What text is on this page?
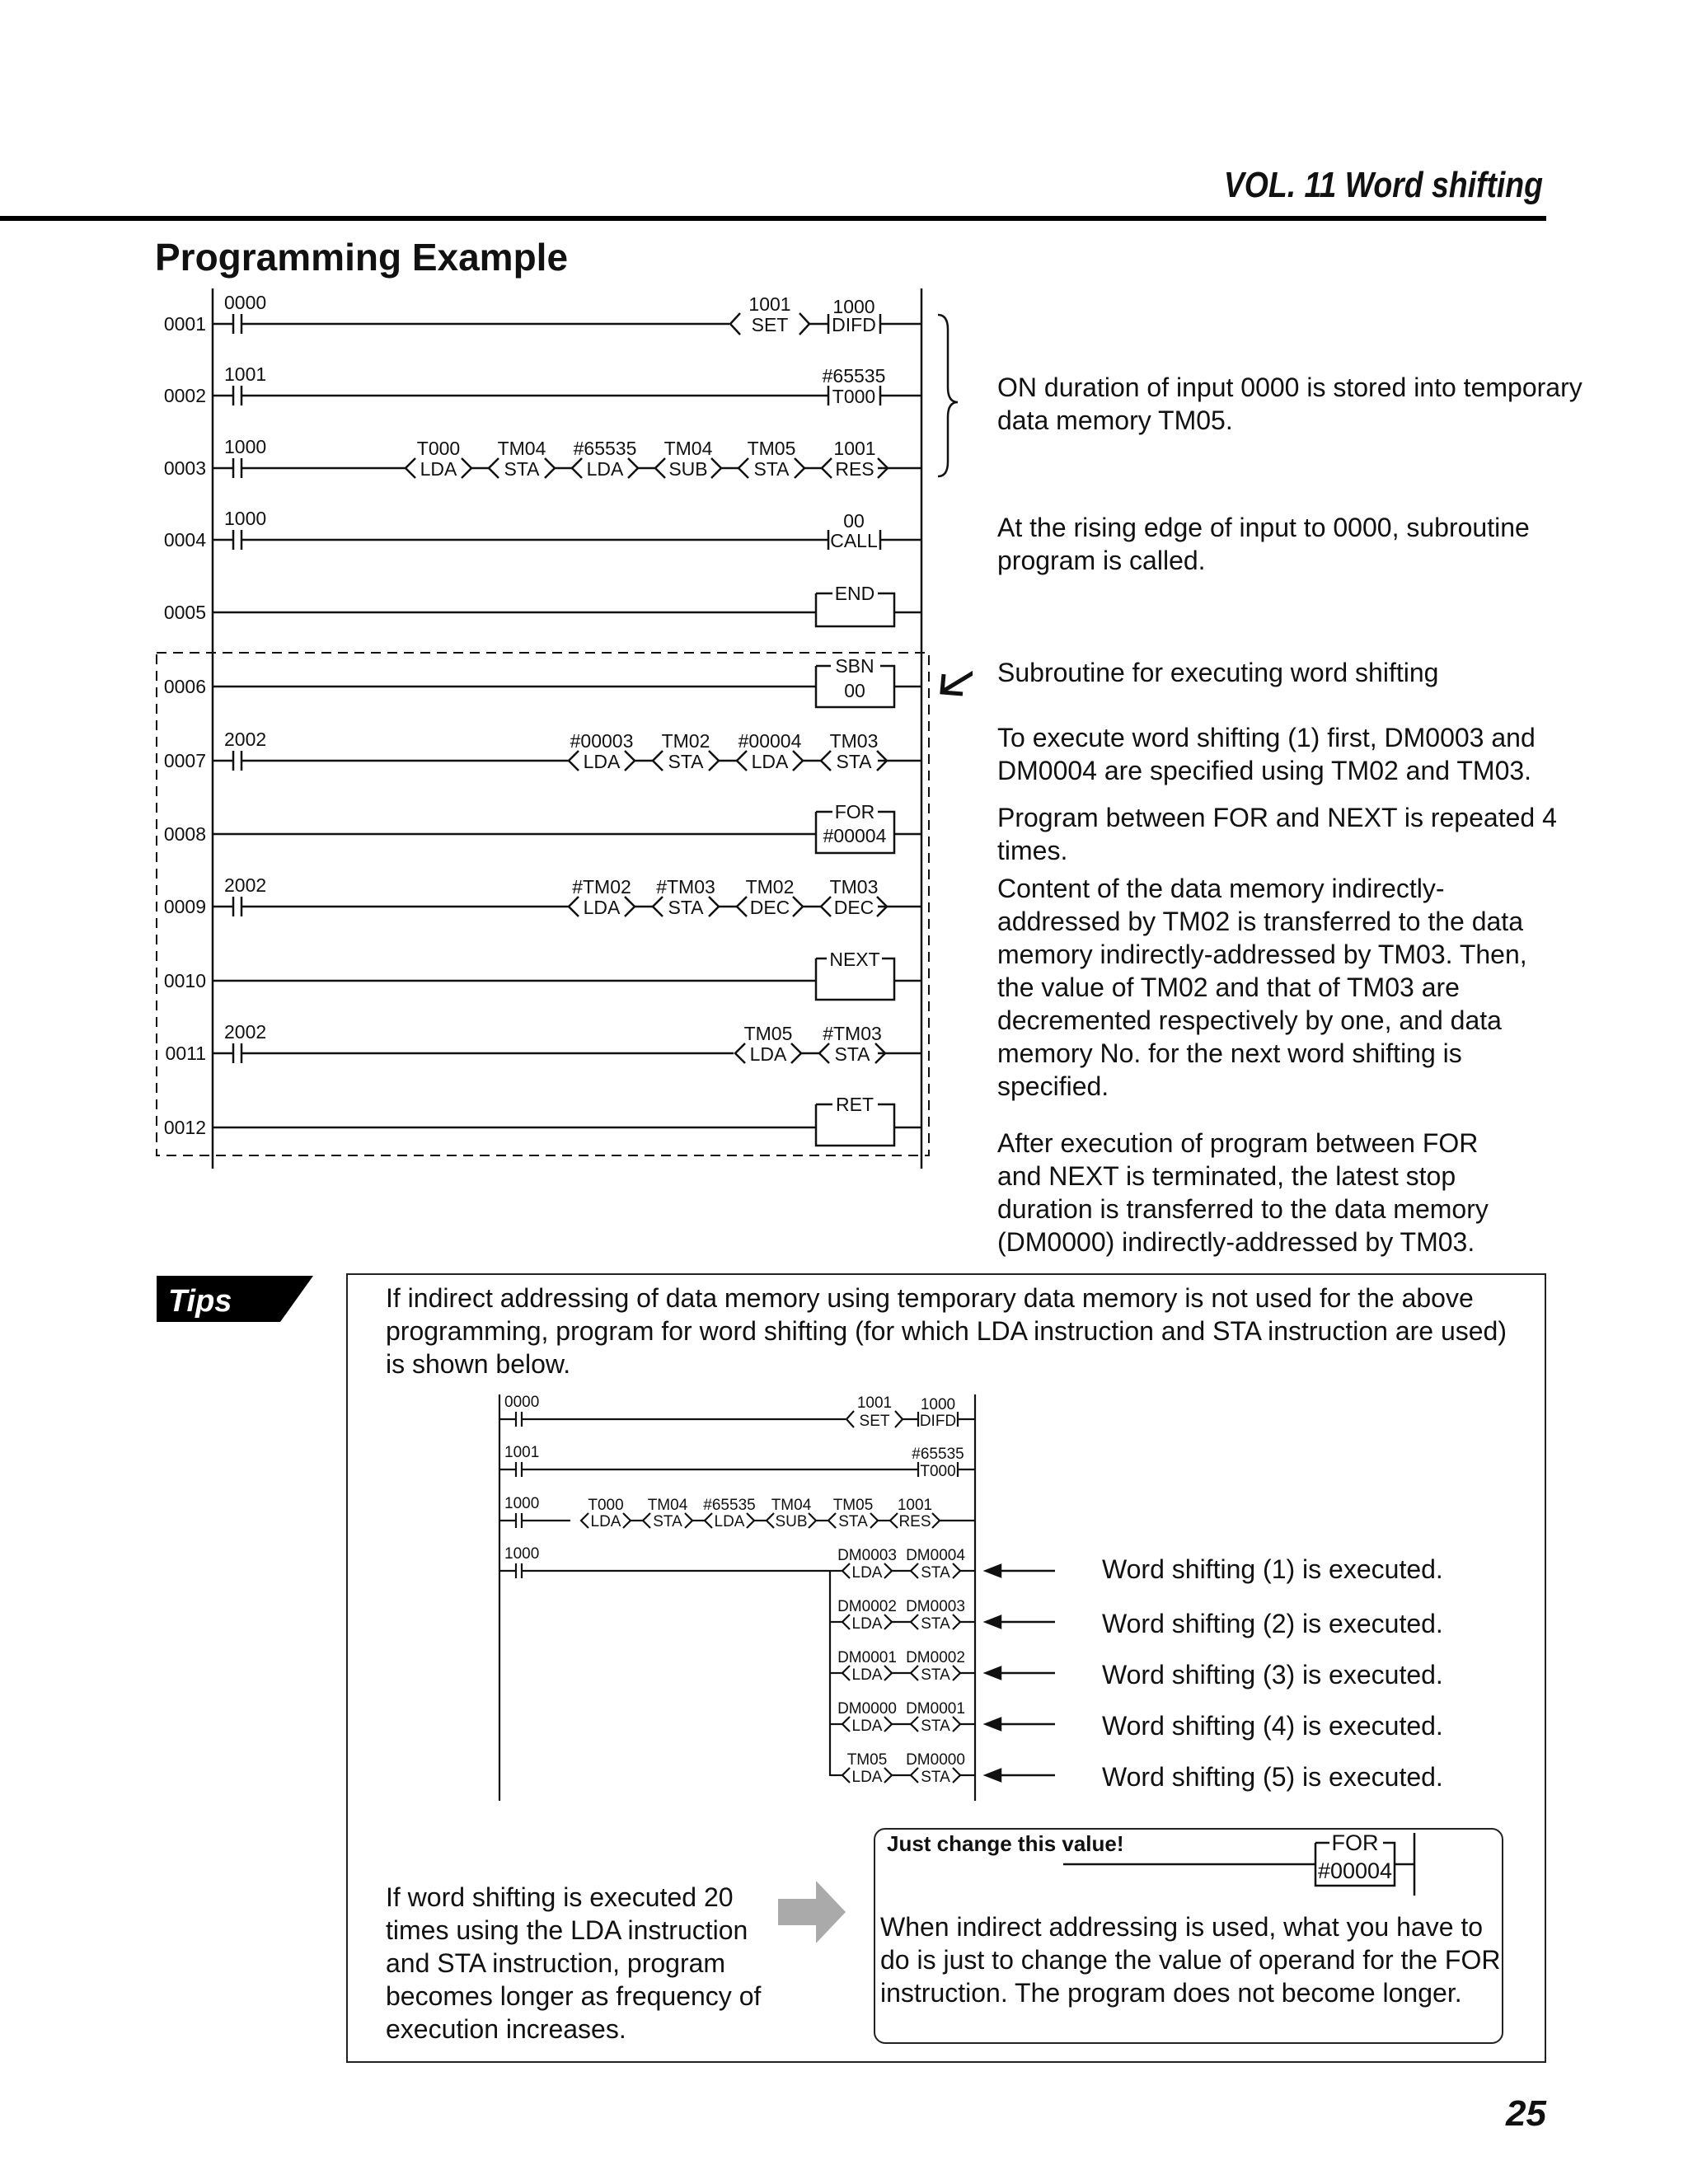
VOL. 11 Word shifting
Programming Example
0001
0002
0003
0004
0005
0006
0007
0008
0009
0010
0011
0012
0000
1001
1000
1000
2002
2002
2002
1001
SET
1000
DIFD
#65535
T000
00
CALL
END
SBN
00
FOR
#00004
NEXT
RET
T000 TM04 #65535 TM04 TM05 1001
LDA STA LDA SUB STA RES
#00003 TM02 #00004 TM03
LDA	STA	LDA	STA
#TM02 #TM03 TM02 TM03
LDA	STA DEC DEC
TM05 #TM03
LDA	STA
ON duration of input 0000 is stored into temporary data memory TM05.
At the rising edge of input to 0000, subroutine program is called.
Subroutine for executing word shifting
To execute word shifting (1) first, DM0003 and DM0004 are specified using TM02 and TM03.
Program between FOR and NEXT is repeated 4 times.
Content of the data memory indirectly-addressed by TM02 is transferred to the data memory indirectly-addressed by TM03. Then, the value of TM02 and that of TM03 are decremented respectively by one, and data memory No. for the next word shifting is specified.
After execution of program between FOR and NEXT is terminated, the latest stop duration is transferred to the data memory (DM0000) indirectly-addressed by TM03.
Tips	If indirect addressing of data memory using temporary data memory is not used for the above programming, program for word shifting (for which LDA instruction and STA instruction are used) is shown below.
0000
1001
1000
1000
1001
SET
1000
DIFD
#65535
T000
T000 TM04 #65535 TM04 TM05 1001
LDA STA LDA SUB STA RES
DM0003 DM0004
LDA STA
DM0002 DM0003
LDA STA
DM0001 DM0002
LDA STA
DM0000 DM0001
LDA STA
TM05 DM0000
LDA STA
Word shifting (1) is executed.
Word shifting (2) is executed.
Word shifting (3) is executed.
Word shifting (4) is executed.
Word shifting (5) is executed.
If word shifting is executed 20 times using the LDA instruction and STA instruction, program becomes longer as frequency of execution increases.
Just change this value!	FOR
#00004
When indirect addressing is used, what you have to do is just to change the value of operand for the FOR instruction. The program does not become longer.
25
